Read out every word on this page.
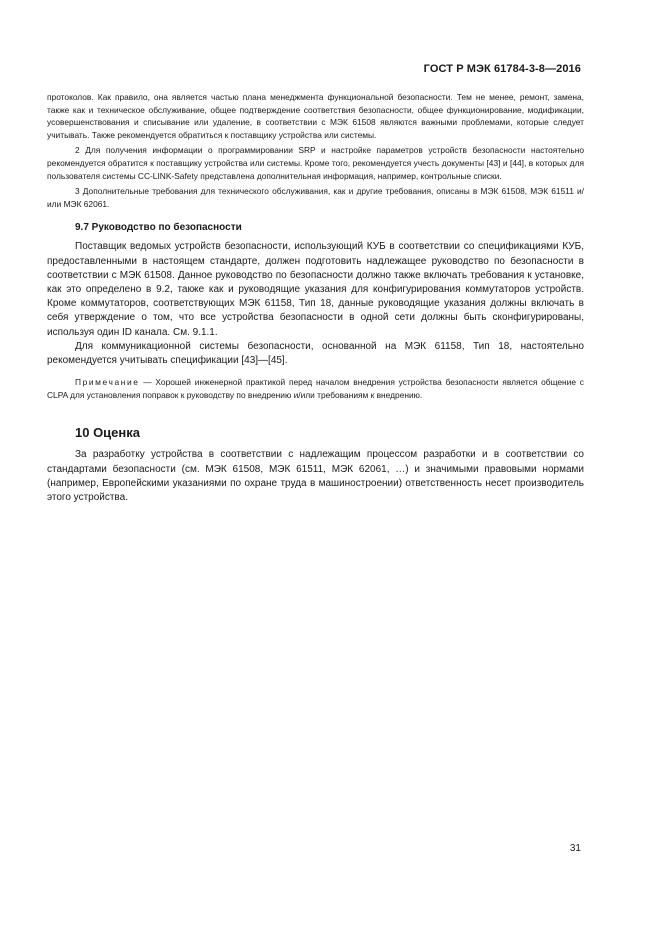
ГОСТ Р МЭК 61784-3-8—2016

протоколов. Как правило, она является частью плана менеджмента функциональной безопасности. Тем не менее, ремонт, замена, также как и техническое обслуживание, общее подтверждение соответствия безопасности, общее функционирование, модификации, усовершенствования и списывание или удаление, в соответствии с МЭК 61508 являются важными проблемами, которые следует учитывать. Также рекомендуется обратиться к поставщику устройства или системы.

2 Для получения информации о программировании SRP и настройке параметров устройств безопасности настоятельно рекомендуется обратится к поставщику устройства или системы. Кроме того, рекомендуется учесть документы [43] и [44], в которых для пользователя системы CC-LINK-Safety представлена дополнительная информация, например, контрольные списки.

3 Дополнительные требования для технического обслуживания, как и другие требования, описаны в МЭК 61508, МЭК 61511 и/или МЭК 62061.

9.7 Руководство по безопасности

Поставщик ведомых устройств безопасности, использующий КУБ в соответствии со спецификациями КУБ, предоставленными в настоящем стандарте, должен подготовить надлежащее руководство по безопасности в соответствии с МЭК 61508. Данное руководство по безопасности должно также включать требования к установке, как это определено в 9.2, также как и руководящие указания для конфигурирования коммутаторов устройств. Кроме коммутаторов, соответствующих МЭК 61158, Тип 18, данные руководящие указания должны включать в себя утверждение о том, что все устройства безопасности в одной сети должны быть сконфигурированы, используя один ID канала. См. 9.1.1.

Для коммуникационной системы безопасности, основанной на МЭК 61158, Тип 18, настоятельно рекомендуется учитывать спецификации [43]—[45].

Примечание — Хорошей инженерной практикой перед началом внедрения устройства безопасности является общение с CLPA для установления поправок к руководству по внедрению и/или требованиям к внедрению.

10 Оценка

За разработку устройства в соответствии с надлежащим процессом разработки и в соответствии со стандартами безопасности (см. МЭК 61508, МЭК 61511, МЭК 62061, …) и значимыми правовыми нормами (например, Европейскими указаниями по охране труда в машиностроении) ответственность несет производитель этого устройства.

31
